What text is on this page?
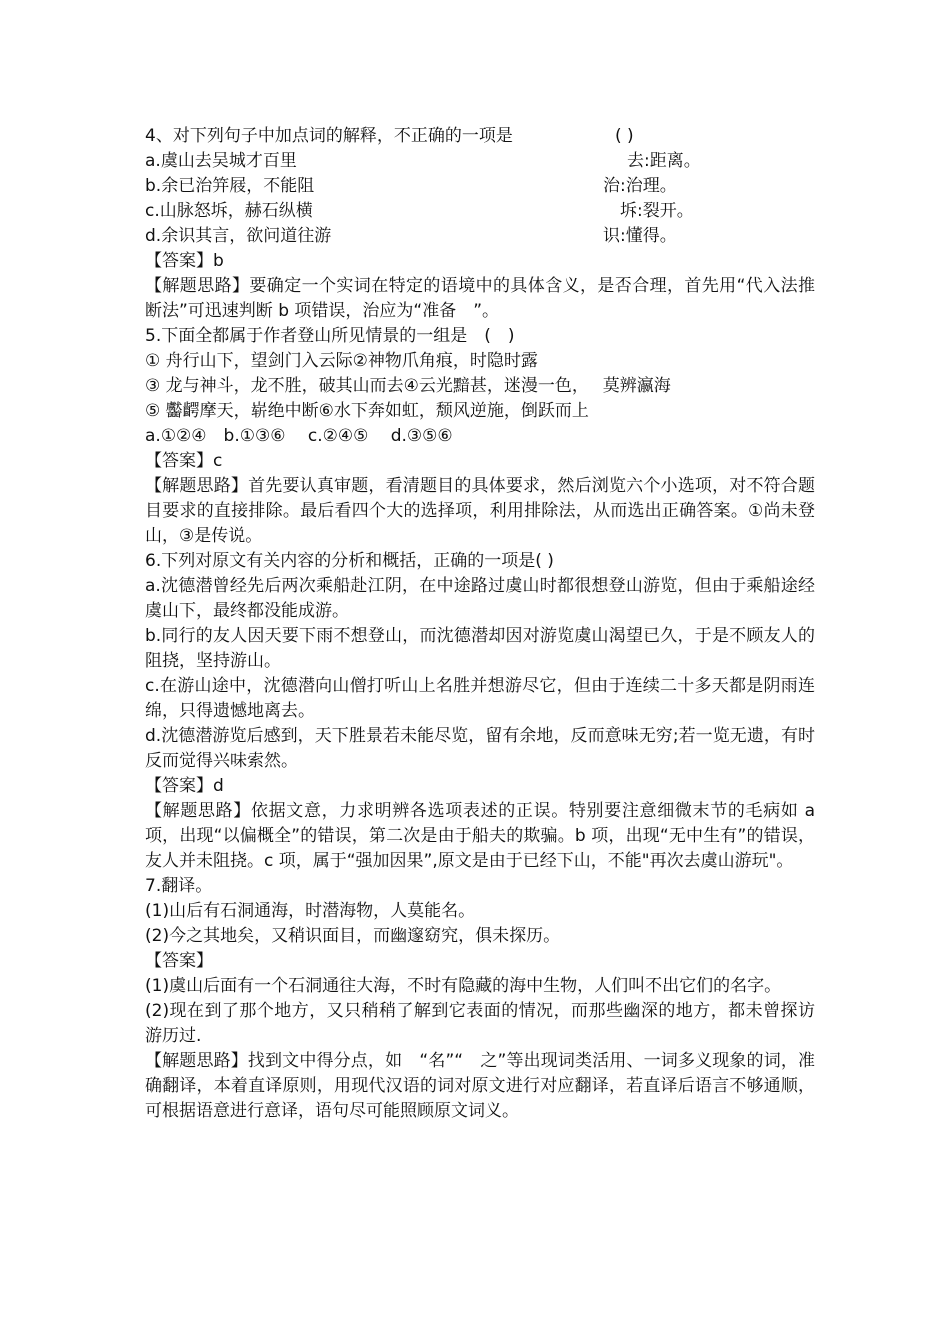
4、对下列句子中加点词的解释，不正确的一项是	( )
a.虞山去吴城才百里	去:距离。
b.余已治笄屐，不能阻	治:治理。
c.山脉怒坼，赫石纵横	坼:裂开。
d.余识其言，欲问道往游	识:懂得。
【答案】b
【解题思路】要确定一个实词在特定的语境中的具体含义，是否合理，首先用“代入法推断法”可迅速判断 b 项错误，治应为“准备　”。
5.下面全都属于作者登山所见情景的一组是　(　)
① 舟行山下，望剑门入云际②神物爪角痕，时隐时露
③ 龙与神斗，龙不胜，破其山而去④云光黯甚，迷漫一色，　 莫辨瀛海
⑤ 齾齶摩天，崭绝中断⑥水下奔如虹，颓风逆施，倒跃而上
a.①②④　b.①③⑥　 c.②④⑤　 d.③⑤⑥
【答案】c
【解题思路】首先要认真审题，看清题目的具体要求，然后浏览六个小选项，对不符合题目要求的直接排除。最后看四个大的选择项，利用排除法，从而选出正确答案。①尚未登山，③是传说。
6.下列对原文有关内容的分析和概括，正确的一项是( )
a.沈德潜曾经先后两次乘船赴江阴，在中途路过虞山时都很想登山游览，但由于乘船途经虞山下，最终都没能成游。
b.同行的友人因天要下雨不想登山，而沈德潜却因对游览虞山渴望已久，于是不顾友人的阻挠，坚持游山。
c.在游山途中，沈德潜向山僧打听山上名胜并想游尽它，但由于连续二十多天都是阴雨连绵，只得遗憾地离去。
d.沈德潜游览后感到，天下胜景若未能尽览，留有余地，反而意味无穷;若一览无遗，有时反而觉得兴味索然。
【答案】d
【解题思路】依据文意，力求明辨各选项表述的正误。特别要注意细微末节的毛病如 a 项，出现“以偏概全”的错误，第二次是由于船夫的欺骗。b 项，出现“无中生有”的错误，友人并未阻挠。c 项，属于“强加因果”,原文是由于已经下山，不能"再次去虞山游玩"。
7.翻译。
(1)山后有石洞通海，时潜海物，人莫能名。
(2)今之其地矣，又稍识面目，而幽邃窈究，俱未探历。
【答案】
(1)虞山后面有一个石洞通往大海，不时有隐藏的海中生物，人们叫不出它们的名字。
(2)现在到了那个地方，又只稍稍了解到它表面的情况，而那些幽深的地方，都未曾探访游历过.
【解题思路】找到文中得分点，如　“名”“　之”等出现词类活用、一词多义现象的词，准确翻译，本着直译原则，用现代汉语的词对原文进行对应翻译，若直译后语言不够通顺，可根据语意进行意译，语句尽可能照顾原文词义。
